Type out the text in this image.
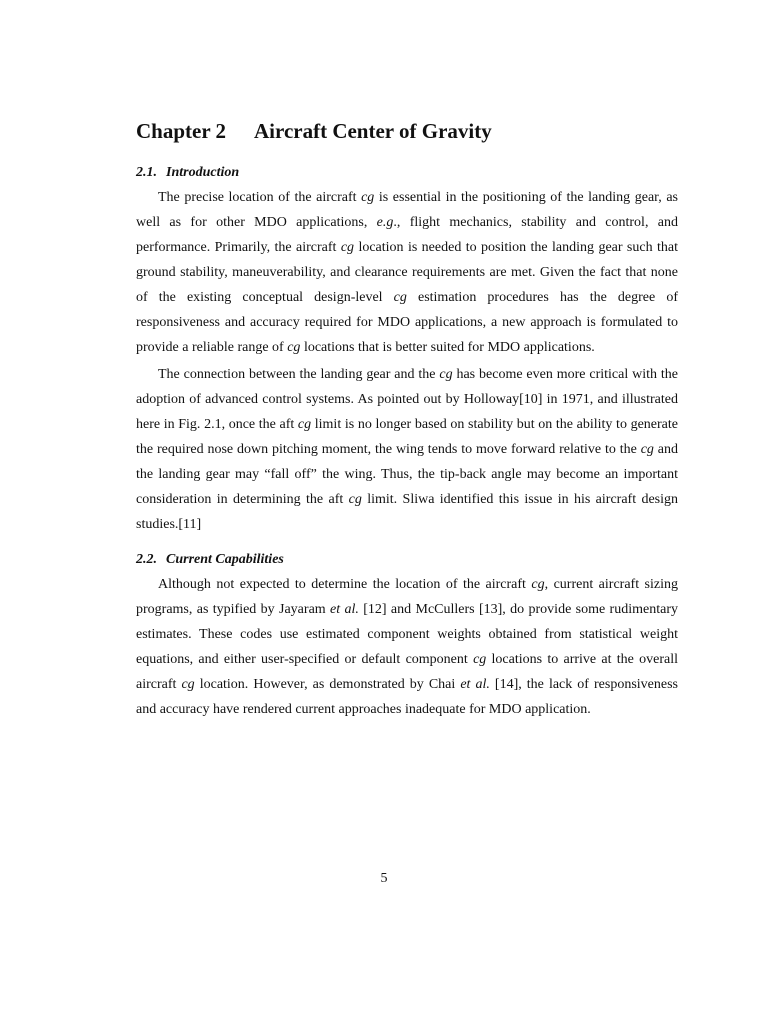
Chapter 2 Aircraft Center of Gravity
2.1. Introduction

The precise location of the aircraft cg is essential in the positioning of the landing gear, as well as for other MDO applications, e.g., flight mechanics, stability and control, and performance. Primarily, the aircraft cg location is needed to position the landing gear such that ground stability, maneuverability, and clearance requirements are met. Given the fact that none of the existing conceptual design-level cg estimation procedures has the degree of responsiveness and accuracy required for MDO applications, a new approach is formulated to provide a reliable range of cg locations that is better suited for MDO applications.

The connection between the landing gear and the cg has become even more critical with the adoption of advanced control systems. As pointed out by Holloway[10] in 1971, and illustrated here in Fig. 2.1, once the aft cg limit is no longer based on stability but on the ability to generate the required nose down pitching moment, the wing tends to move forward relative to the cg and the landing gear may “fall off” the wing. Thus, the tip-back angle may become an important consideration in determining the aft cg limit. Sliwa identified this issue in his aircraft design studies.[11]

2.2. Current Capabilities

Although not expected to determine the location of the aircraft cg, current aircraft sizing programs, as typified by Jayaram et al. [12] and McCullers [13], do provide some rudimentary estimates. These codes use estimated component weights obtained from statistical weight equations, and either user-specified or default component cg locations to arrive at the overall aircraft cg location. However, as demonstrated by Chai et al. [14], the lack of responsiveness and accuracy have rendered current approaches inadequate for MDO application.

5
